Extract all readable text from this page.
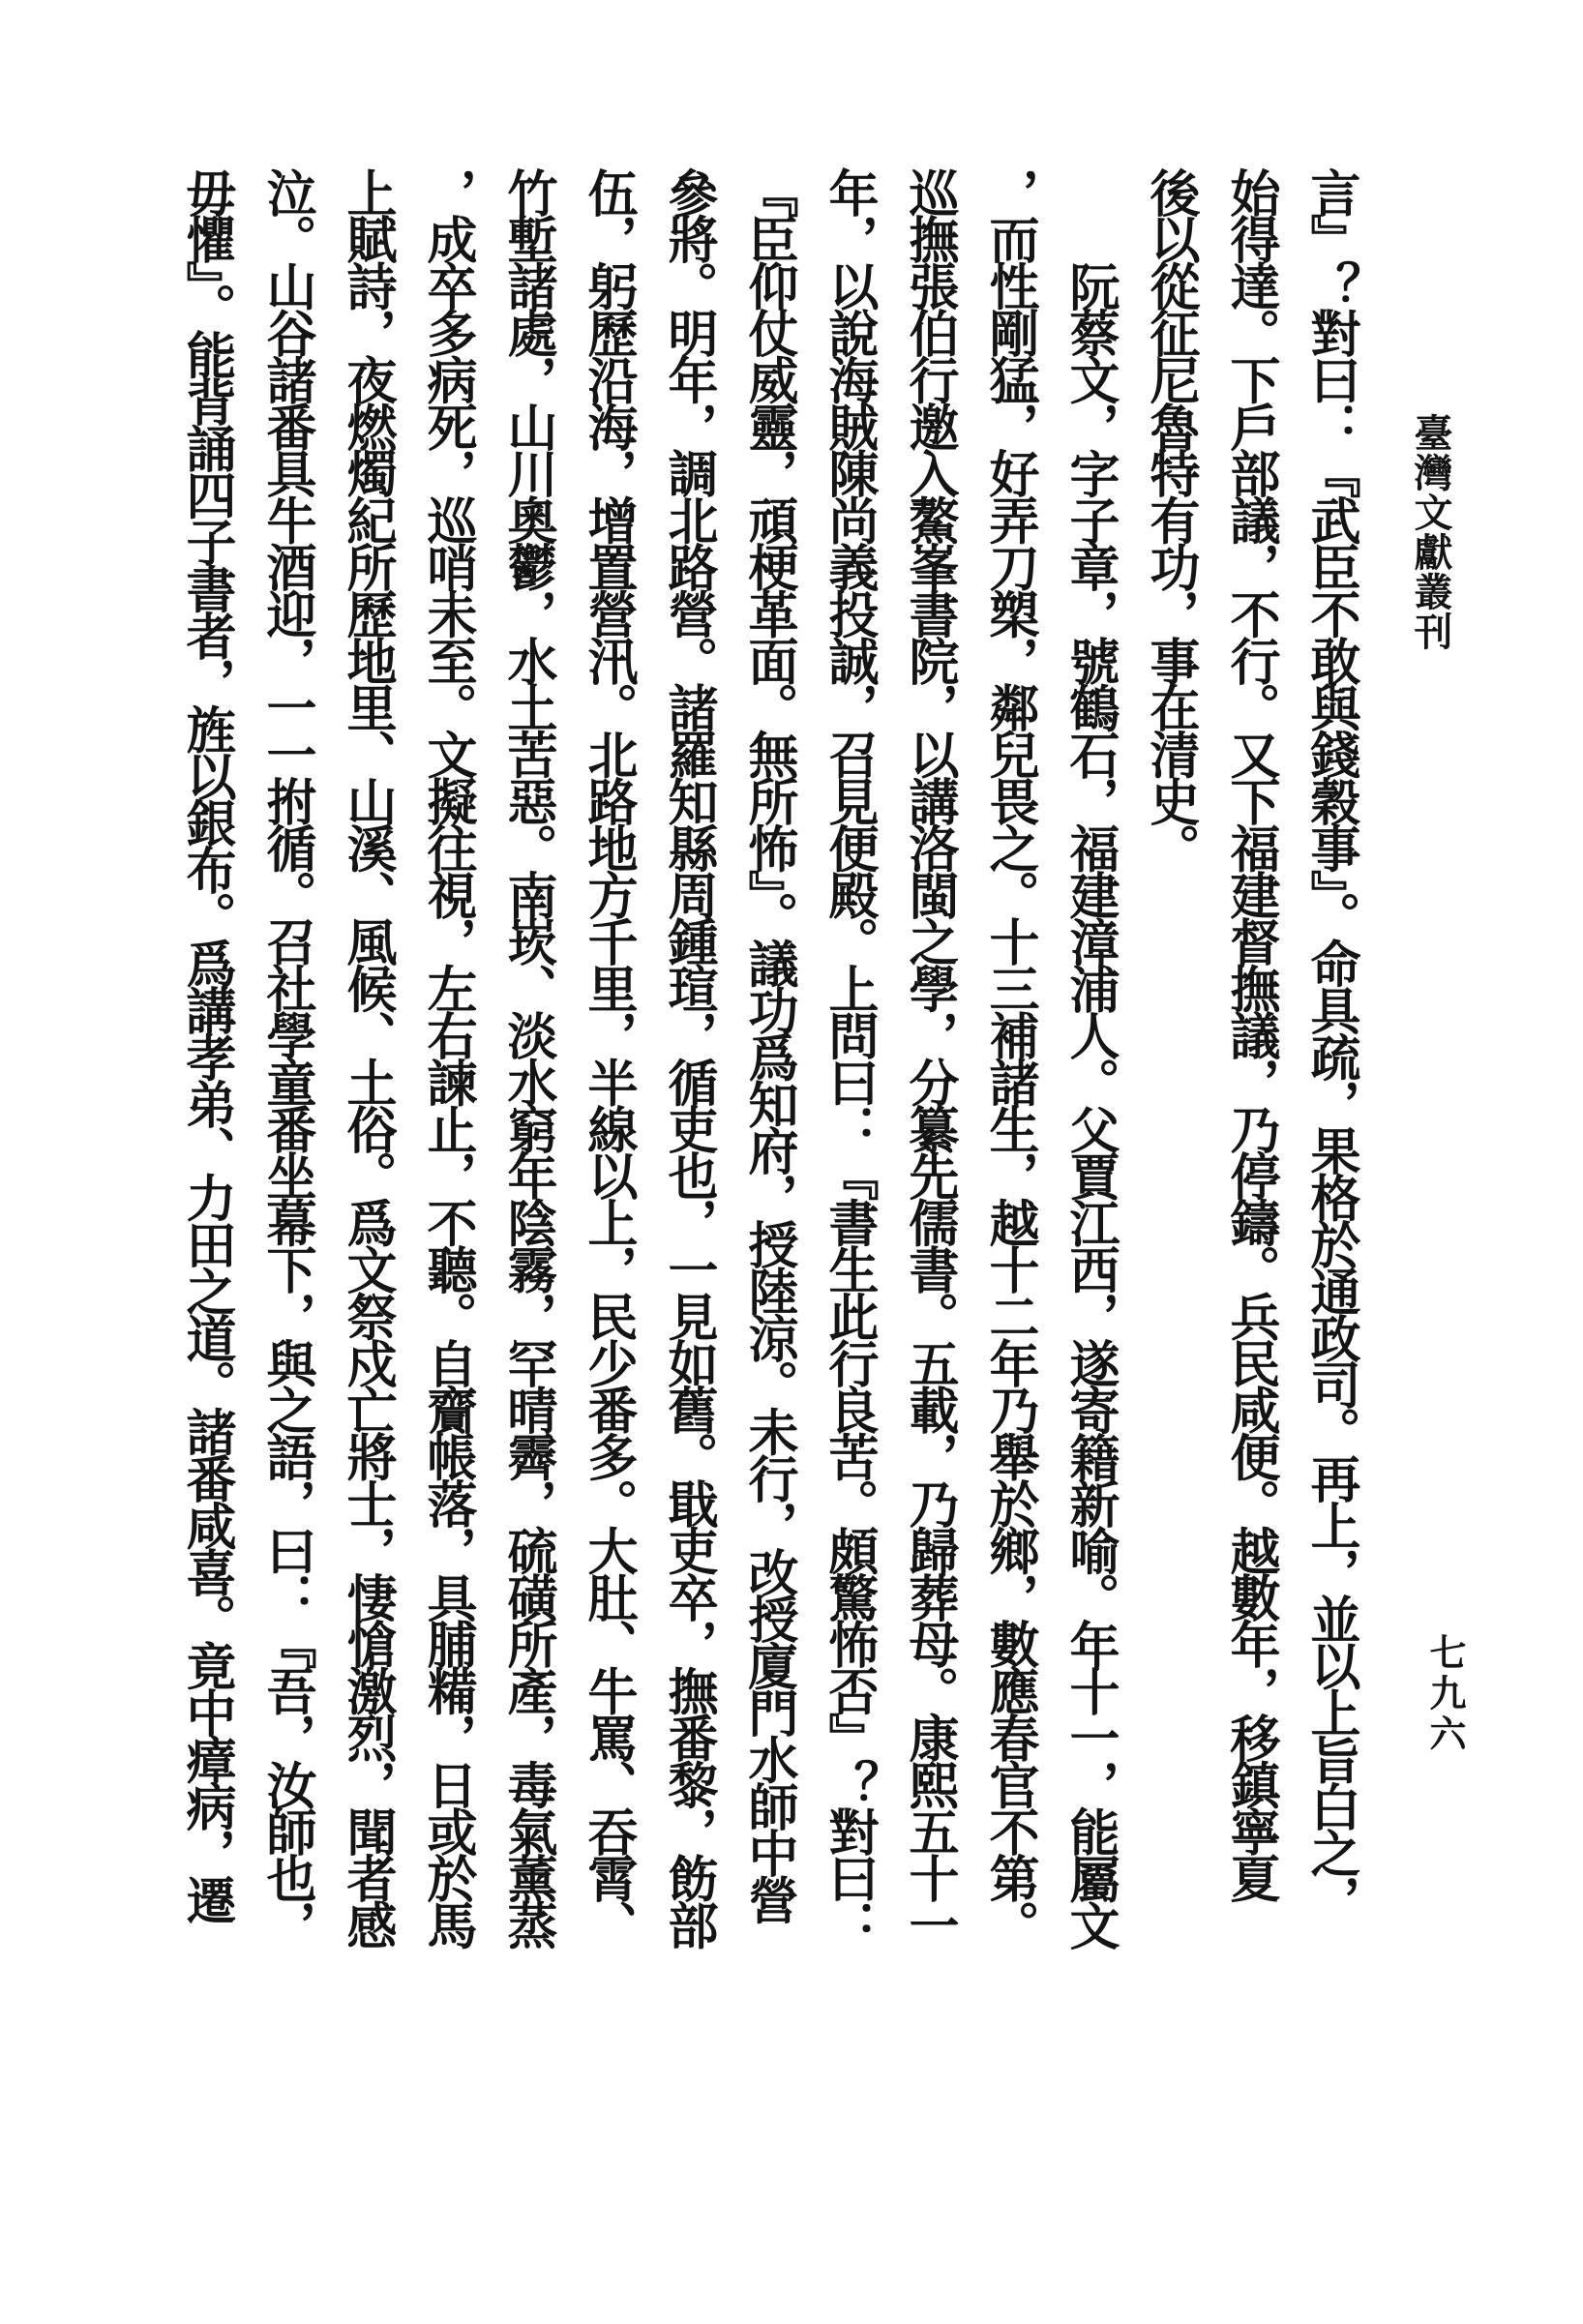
臺灣文獻叢刊
七九六
言』？對曰：『武臣不敢與錢穀事』。命具疏，果格於通政司。再上，並以上旨白之，
始得達。下戶部議，不行。又下福建督撫議，乃停鑄。兵民咸便。越數年，移鎮寧夏
後以從征尼魯特有功，事在清史。
阮蔡文，字子章，號鶴石，福建漳浦人。父賈江西，遂寄籍新喻。年十一，能屬文
，而性剛猛，好弄刀槊，鄰兒畏之。十三補諸生，越十二年乃舉於鄉，數應春官不第。
巡撫張伯行邀入鰲峯書院，以講洛閩之學，分纂先儒書。五載，乃歸葬母。康熙五十一
年，以說海賊陳尚義投誠，召見便殿。上問曰：『書生此行良苦。頗驚怖否』？對曰：
『臣仰仗威靈，頑梗革面。無所怖』。議功爲知府，授陸涼。未行，改授廈門水師中營
參將。明年，調北路營。諸羅知縣周鍾瑄，循吏也，一見如舊。戢吏卒，撫番黎，飭部
伍，躬歷沿海，增置營汛。北路地方千里，半線以上，民少番多。大肚、牛罵、吞霄、
竹塹諸處，山川奧鬱，水土苦惡。南崁、淡水窮年陰霧，罕晴霽，硫磺所產，毒氣薰蒸
，成卒多病死，巡哨未至。文擬往視，左右諫止，不聽。自齎帳落，具脯糒，日或於馬
上賦詩，夜燃燭紀所歷地里、山溪、風候、土俗。爲文祭戍亡將士，悽愴激烈，聞者感
泣。山谷諸番具牛酒迎，一一拊循。召社學童番坐幕下，與之語，曰：『吾，汝師也，
毋懼』。能背誦四子書者，旌以銀布。爲講孝弟、力田之道。諸番咸喜。竟中瘴病，遷
